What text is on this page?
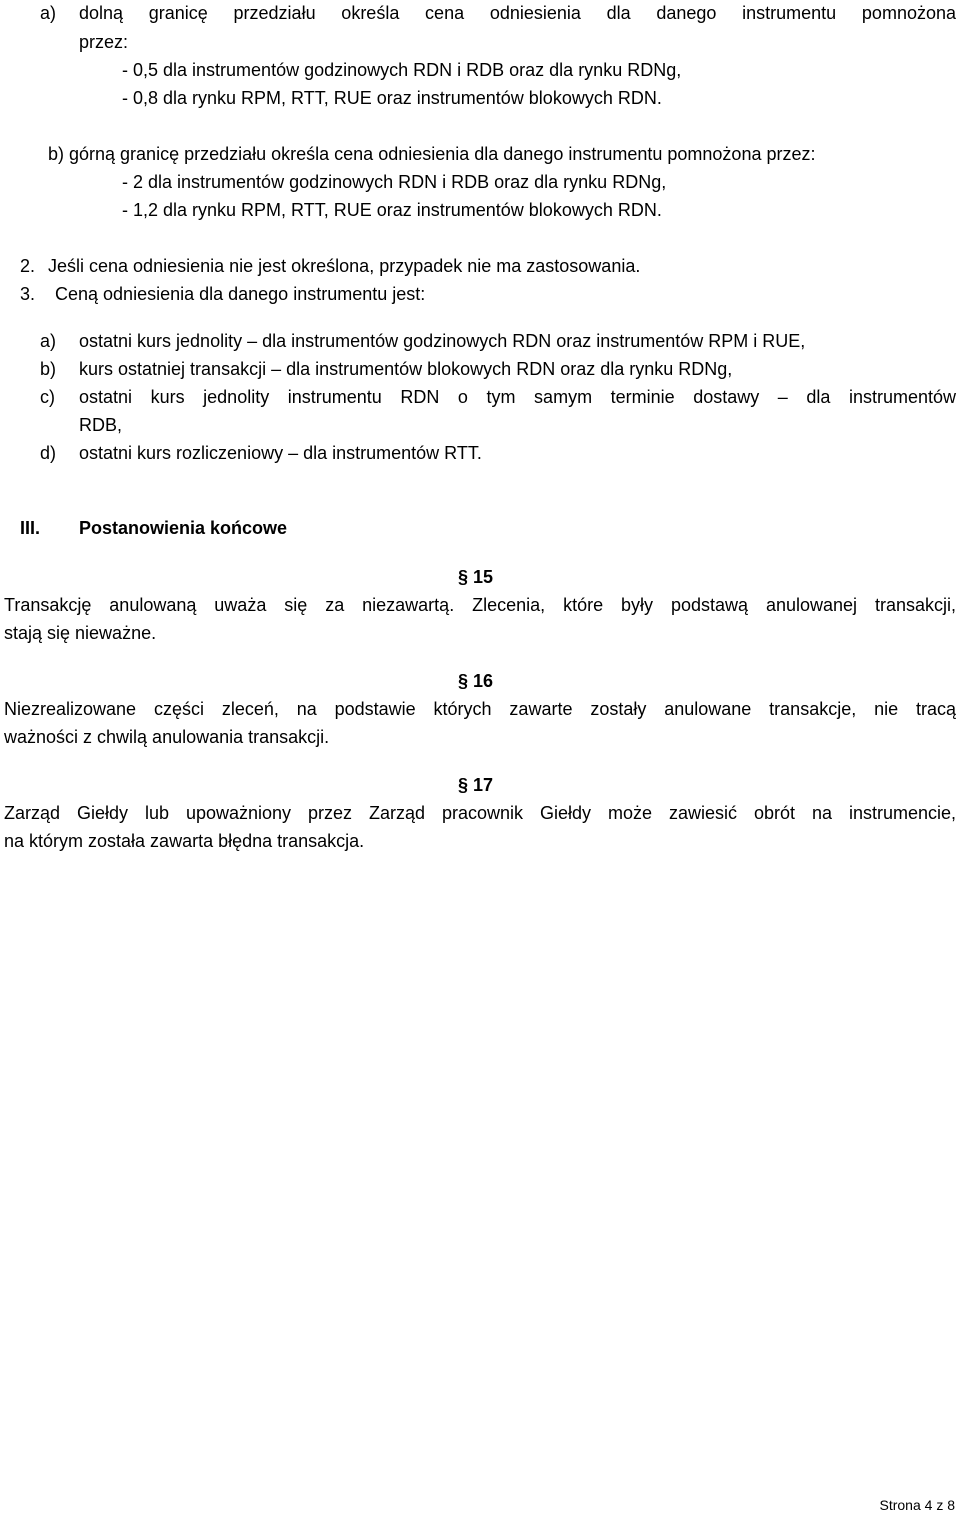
a) dolną granicę przedziału określa cena odniesienia dla danego instrumentu pomnożona
przez:
- 0,5 dla instrumentów godzinowych RDN i RDB oraz dla rynku RDNg,
- 0,8 dla rynku RPM, RTT, RUE oraz instrumentów blokowych RDN.
b) górną granicę przedziału określa cena odniesienia dla danego instrumentu pomnożona przez:
- 2 dla instrumentów godzinowych RDN i RDB oraz dla rynku RDNg,
- 1,2 dla rynku RPM, RTT, RUE oraz instrumentów blokowych RDN.
2. Jeśli cena odniesienia nie jest określona, przypadek nie ma zastosowania.
3. Ceną odniesienia dla danego instrumentu jest:
a) ostatni kurs jednolity – dla instrumentów godzinowych RDN oraz instrumentów RPM i RUE,
b) kurs ostatniej transakcji – dla instrumentów blokowych RDN oraz dla rynku RDNg,
c) ostatni kurs jednolity instrumentu RDN o tym samym terminie dostawy – dla instrumentów
RDB,
d) ostatni kurs rozliczeniowy – dla instrumentów RTT.
III. Postanowienia końcowe
§ 15
Transakcję anulowaną uważa się za niezawartą. Zlecenia, które były podstawą anulowanej transakcji,
stają się nieważne.
§ 16
Niezrealizowane części zleceń, na podstawie których zawarte zostały anulowane transakcje, nie tracą
ważności z chwilą anulowania transakcji.
§ 17
Zarząd Giełdy lub upoważniony przez Zarząd pracownik Giełdy może zawiesić obrót na instrumencie,
na którym została zawarta błędna transakcja.
Strona 4 z 8
